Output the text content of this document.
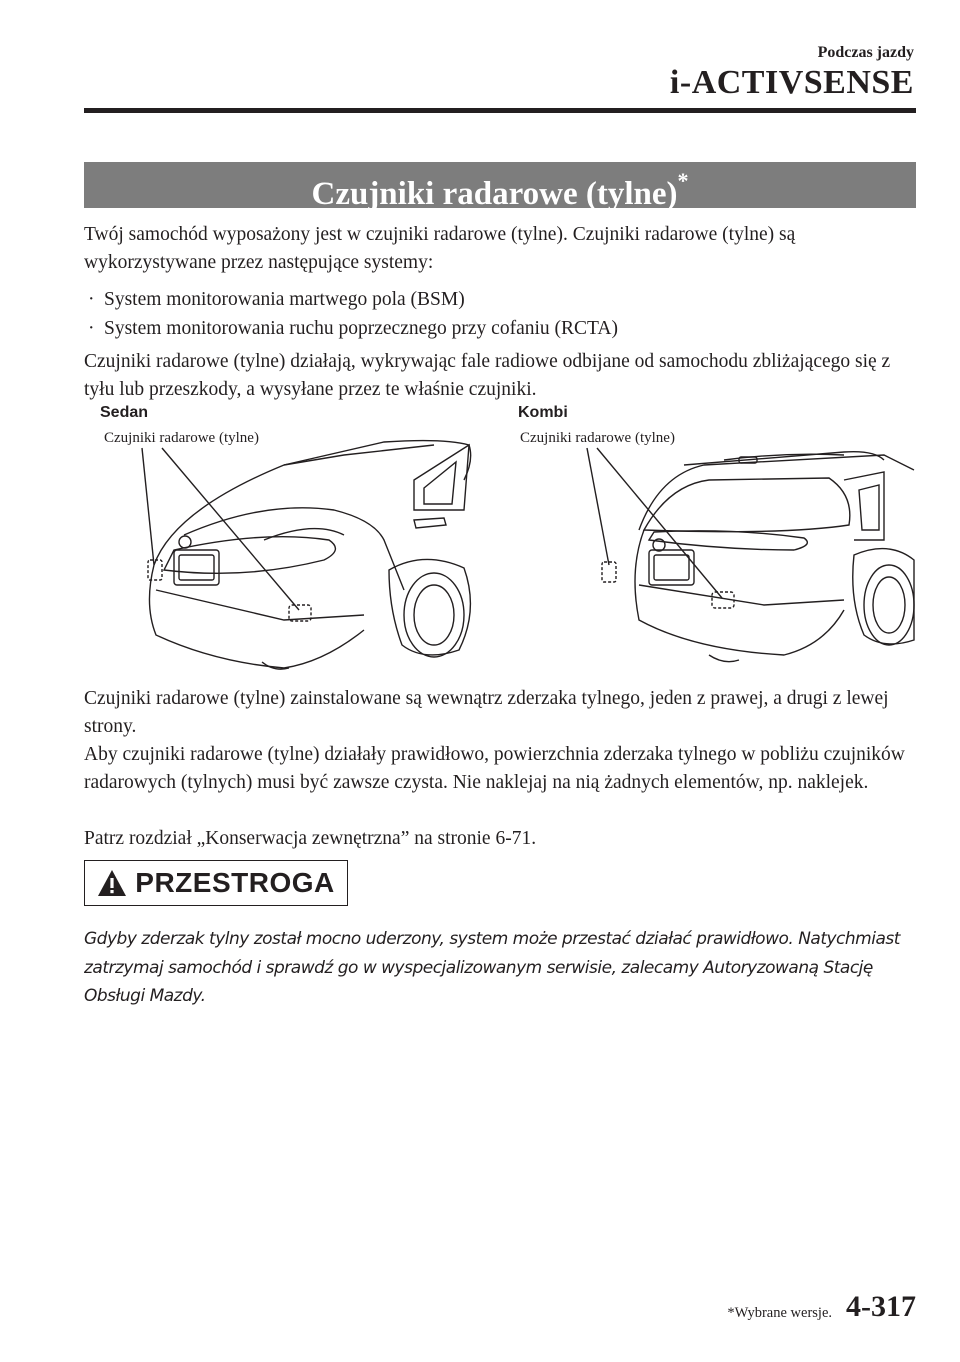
Podczas jazdy
i-ACTIVSENSE
Czujniki radarowe (tylne)*

Twój samochód wyposażony jest w czujniki radarowe (tylne). Czujniki radarowe (tylne) są wykorzystywane przez następujące systemy:

· System monitorowania martwego pola (BSM)
· System monitorowania ruchu poprzecznego przy cofaniu (RCTA)

Czujniki radarowe (tylne) działają, wykrywając fale radiowe odbijane od samochodu zbliżającego się z tyłu lub przeszkody, a wysyłane przez te właśnie czujniki.

Sedan	Kombi
Czujniki radarowe (tylne)	Czujniki radarowe (tylne)

Czujniki radarowe (tylne) zainstalowane są wewnątrz zderzaka tylnego, jeden z prawej, a drugi z lewej strony.

Aby czujniki radarowe (tylne) działały prawidłowo, powierzchnia zderzaka tylnego w pobliżu czujników radarowych (tylnych) musi być zawsze czysta. Nie naklejaj na nią żadnych elementów, np. naklejek.

Patrz rozdział „Konserwacja zewnętrzna” na stronie 6-71.

PRZESTROGA

Gdyby zderzak tylny został mocno uderzony, system może przestać działać prawidłowo. Natychmiast zatrzymaj samochód i sprawdź go w wyspecjalizowanym serwisie, zalecamy Autoryzowaną Stację Obsługi Mazdy.

*Wybrane wersje. 4-317
